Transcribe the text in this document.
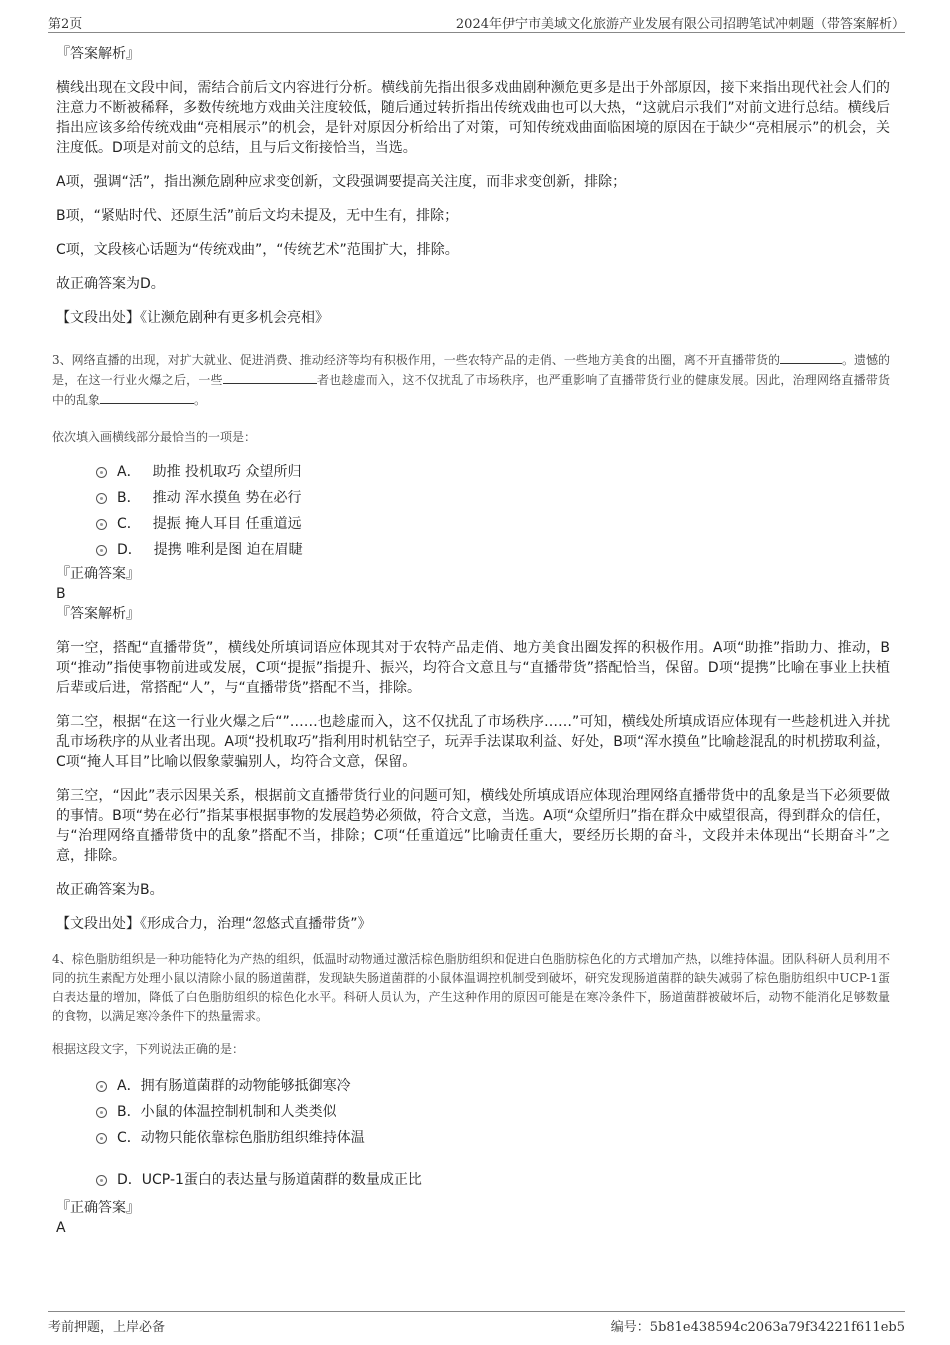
第2页	2024年伊宁市美域文化旅游产业发展有限公司招聘笔试冲刺题（带答案解析）

『答案解析』

横线出现在文段中间，需结合前后文内容进行分析。横线前先指出很多戏曲剧种濒危更多是出于外部原因，接下来指出现代社会人们的注意力不断被稀释，多数传统地方戏曲关注度较低，随后通过转折指出传统戏曲也可以大热，“这就启示我们”对前文进行总结。横线后指出应该多给传统戏曲“亮相展示”的机会，是针对原因分析给出了对策，可知传统戏曲面临困境的原因在于缺少“亮相展示”的机会，关注度低。D项是对前文的总结，且与后文衔接恰当，当选。

A项，强调“活”，指出濒危剧种应求变创新，文段强调要提高关注度，而非求变创新，排除；

B项，“紧贴时代、还原生活”前后文均未提及，无中生有，排除；

C项，文段核心话题为“传统戏曲”，“传统艺术”范围扩大，排除。

故正确答案为D。

【文段出处】《让濒危剧种有更多机会亮相》

3、网络直播的出现，对扩大就业、促进消费、推动经济等均有积极作用，一些农特产品的走俏、一些地方美食的出圈，离不开直播带货的	。遗憾的是，在这一行业火爆之后，一些	者也趁虚而入，这不仅扰乱了市场秩序，也严重影响了直播带货行业的健康发展。因此，治理网络直播带货中的乱象	。

依次填入画横线部分最恰当的一项是：

A． 助推 投机取巧 众望所归
B． 推动 浑水摸鱼 势在必行
C． 提振 掩人耳目 任重道远
D． 提携 唯利是图 迫在眉睫

『正确答案』

B

『答案解析』

第一空，搭配“直播带货”，横线处所填词语应体现其对于农特产品走俏、地方美食出圈发挥的积极作用。A项“助推”指助力、推动，B项“推动”指使事物前进或发展，C项“提振”指提升、振兴，均符合文意且与“直播带货”搭配恰当，保留。D项“提携”比喻在事业上扶植后辈或后进，常搭配“人”，与“直播带货”搭配不当，排除。

第二空，根据“在这一行业火爆之后“”……也趁虚而入，这不仅扰乱了市场秩序……”可知，横线处所填成语应体现有一些趁机进入并扰乱市场秩序的从业者出现。A项“投机取巧”指利用时机钻空子，玩弄手法谋取利益、好处，B项“浑水摸鱼”比喻趁混乱的时机捞取利益，C项“掩人耳目”比喻以假象蒙骗别人，均符合文意，保留。

第三空，“因此”表示因果关系，根据前文直播带货行业的问题可知，横线处所填成语应体现治理网络直播带货中的乱象是当下必须要做的事情。B项“势在必行”指某事根据事物的发展趋势必须做，符合文意，当选。A项“众望所归”指在群众中威望很高，得到群众的信任，与“治理网络直播带货中的乱象”搭配不当，排除；C项“任重道远”比喻责任重大，要经历长期的奋斗，文段并未体现出“长期奋斗”之意，排除。

故正确答案为B。

【文段出处】《形成合力，治理“忽悠式直播带货”》

4、棕色脂肪组织是一种功能特化为产热的组织，低温时动物通过激活棕色脂肪组织和促进白色脂肪棕色化的方式增加产热，以维持体温。团队科研人员利用不同的抗生素配方处理小鼠以清除小鼠的肠道菌群，发现缺失肠道菌群的小鼠体温调控机制受到破坏，研究发现肠道菌群的缺失减弱了棕色脂肪组织中UCP-1蛋白表达量的增加，降低了白色脂肪组织的棕色化水平。科研人员认为，产生这种作用的原因可能是在寒冷条件下，肠道菌群被破坏后，动物不能消化足够数量的食物，以满足寒冷条件下的热量需求。

根据这段文字，下列说法正确的是：

A． 拥有肠道菌群的动物能够抵御寒冷
B． 小鼠的体温控制机制和人类类似
C． 动物只能依靠棕色脂肪组织维持体温
D． UCP-1蛋白的表达量与肠道菌群的数量成正比

『正确答案』

A

考前押题，上岸必备	编号：5b81e438594c2063a79f34221f611eb5
